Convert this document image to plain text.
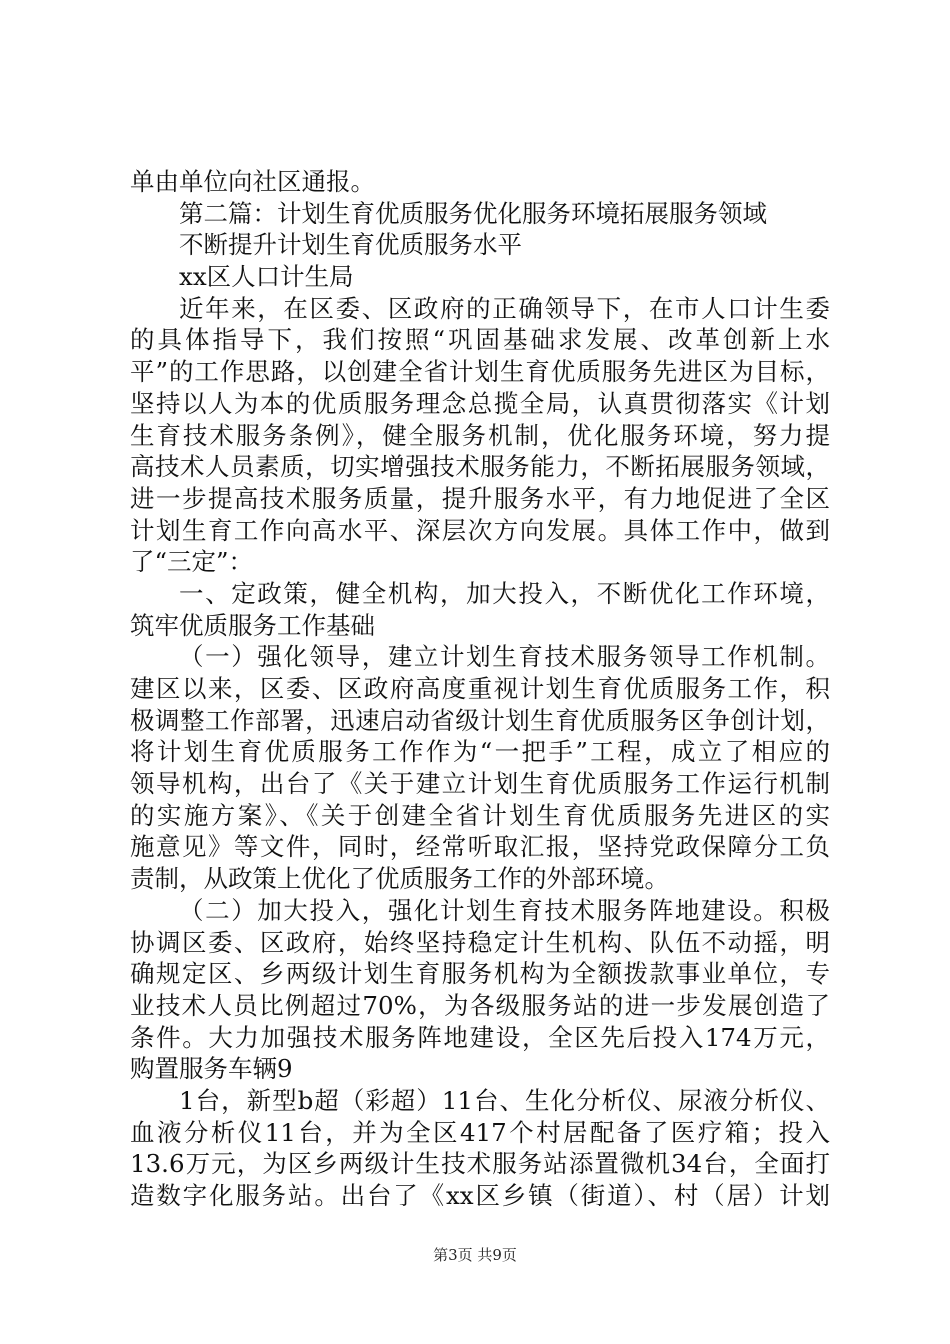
单由单位向社区通报。
第二篇：计划生育优质服务优化服务环境拓展服务领域
不断提升计划生育优质服务水平
xx区人口计生局
近年来，在区委、区政府的正确领导下，在市人口计生委
的具体指导下，我们按照“巩固基础求发展、改革创新上水
平”的工作思路，以创建全省计划生育优质服务先进区为目标，
坚持以人为本的优质服务理念总揽全局，认真贯彻落实《计划
生育技术服务条例》，健全服务机制，优化服务环境，努力提
高技术人员素质，切实增强技术服务能力，不断拓展服务领域，
进一步提高技术服务质量，提升服务水平，有力地促进了全区
计划生育工作向高水平、深层次方向发展。具体工作中，做到
了“三定”：
一、定政策，健全机构，加大投入，不断优化工作环境，
筑牢优质服务工作基础
（一）强化领导，建立计划生育技术服务领导工作机制。
建区以来，区委、区政府高度重视计划生育优质服务工作，积
极调整工作部署，迅速启动省级计划生育优质服务区争创计划，
将计划生育优质服务工作作为“一把手”工程，成立了相应的
领导机构，出台了《关于建立计划生育优质服务工作运行机制
的实施方案》、《关于创建全省计划生育优质服务先进区的实
施意见》等文件，同时，经常听取汇报，坚持党政保障分工负
责制，从政策上优化了优质服务工作的外部环境。
（二）加大投入，强化计划生育技术服务阵地建设。积极
协调区委、区政府，始终坚持稳定计生机构、队伍不动摇，明
确规定区、乡两级计划生育服务机构为全额拨款事业单位，专
业技术人员比例超过70%，为各级服务站的进一步发展创造了
条件。大力加强技术服务阵地建设，全区先后投入174万元，
购置服务车辆9
1台，新型b超（彩超）11台、生化分析仪、尿液分析仪、
血液分析仪11台，并为全区417个村居配备了医疗箱；投入
13.6万元，为区乡两级计生技术服务站添置微机34台，全面打
造数字化服务站。出台了《xx区乡镇（街道）、村（居）计划
第3页 共9页
